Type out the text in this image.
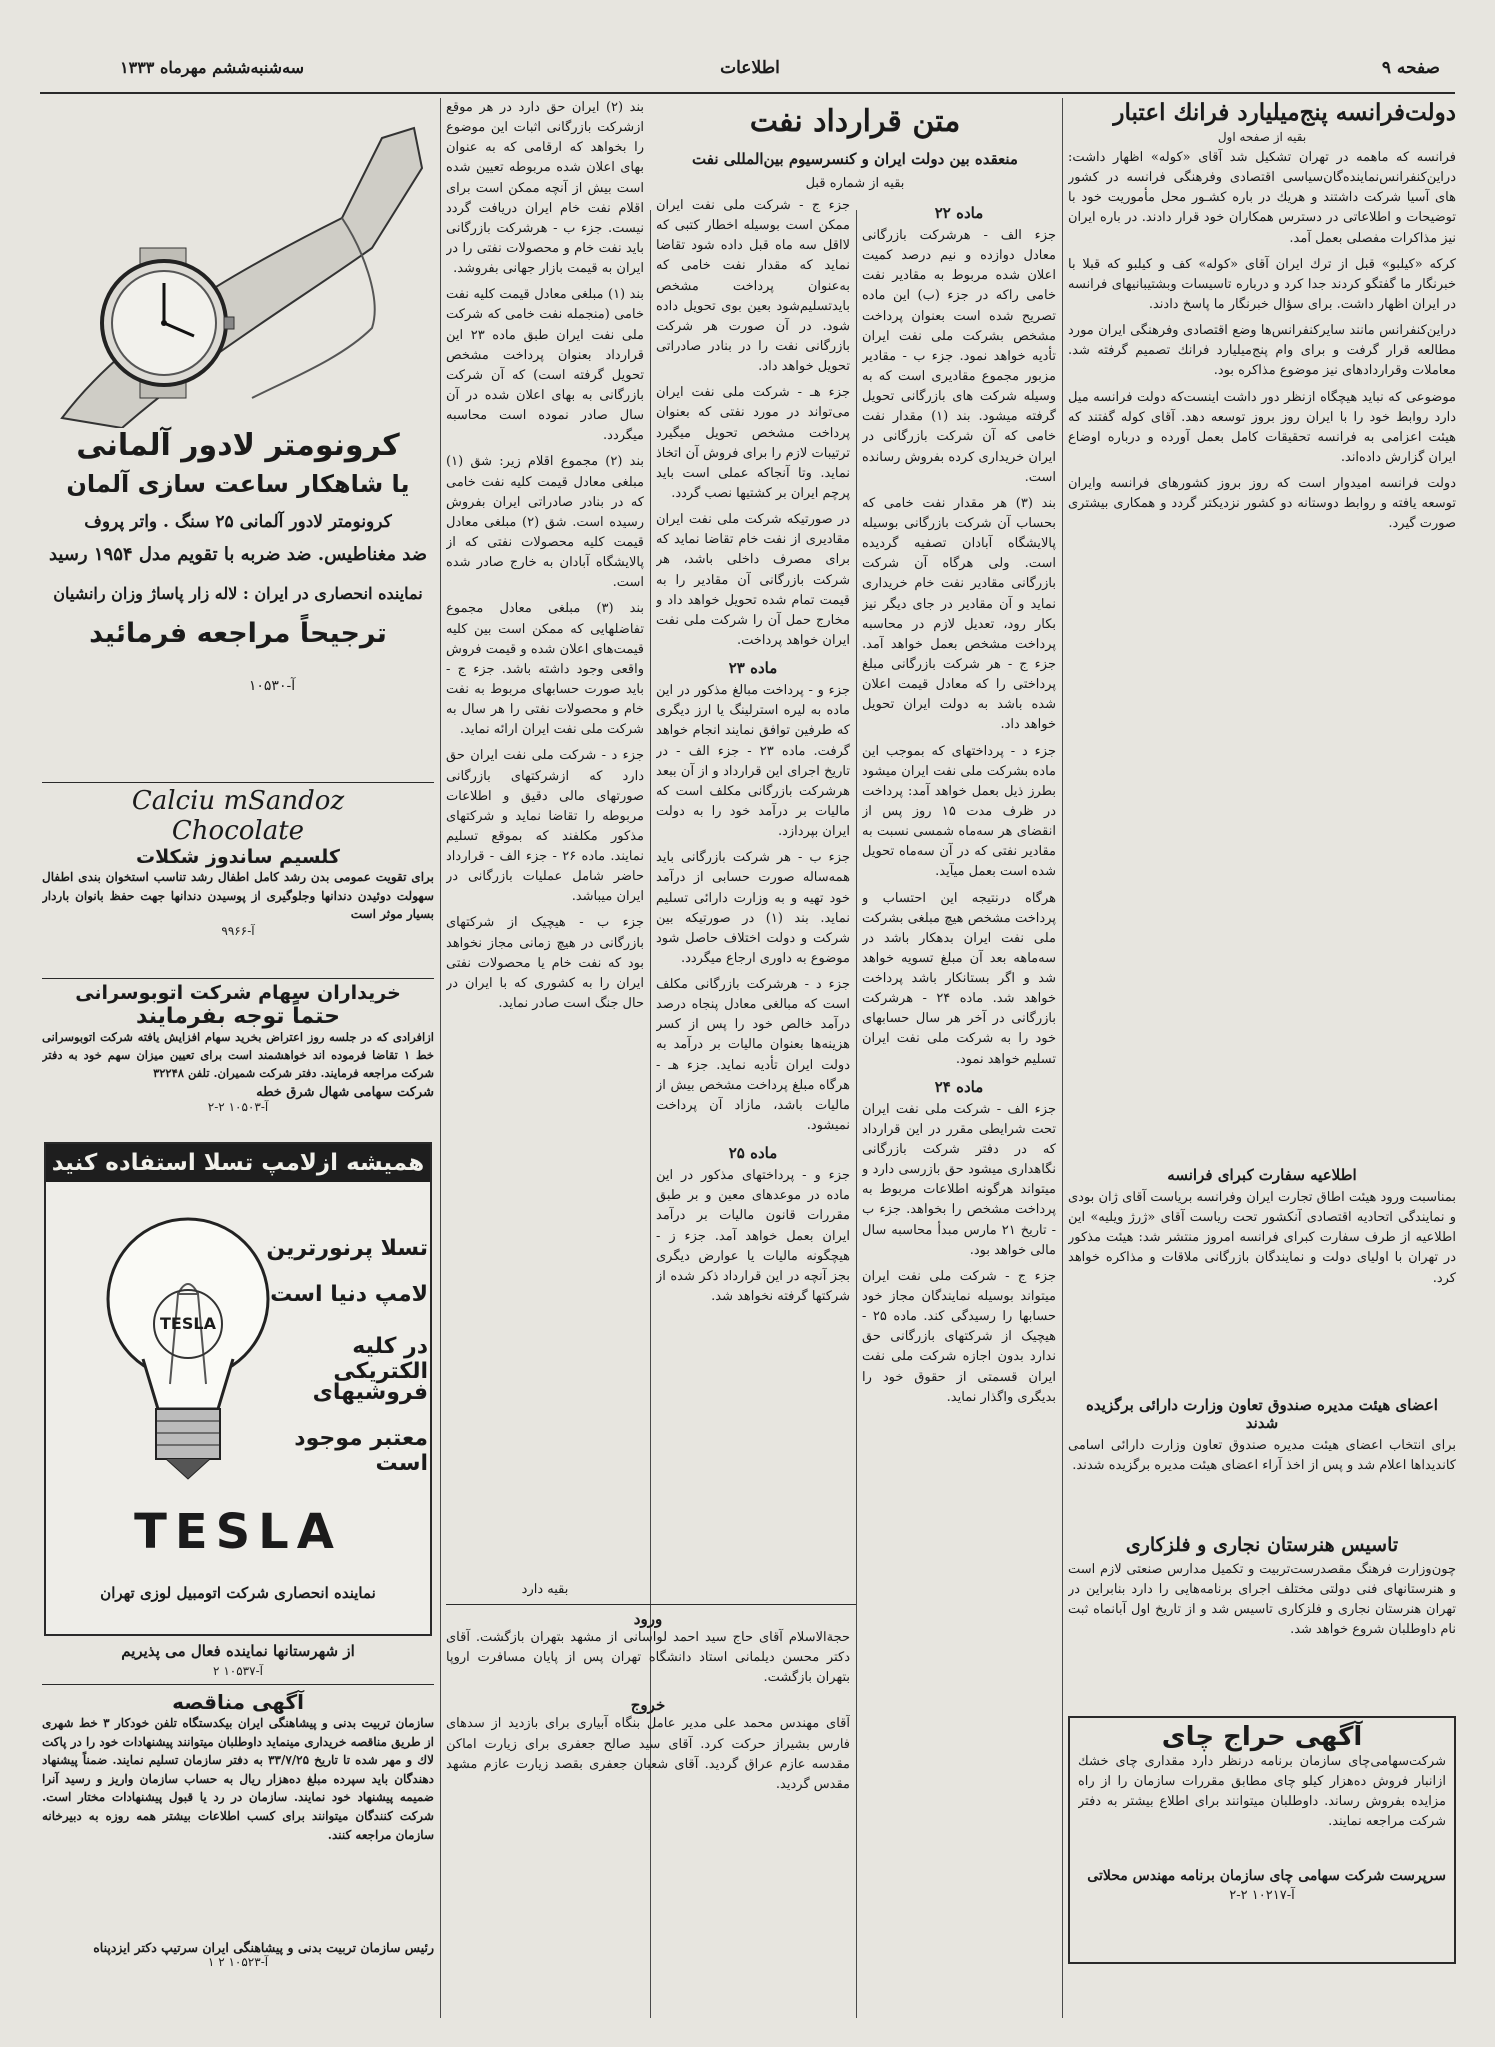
صفحه ۹
اطلاعات
سه‌شنبه‌ششم مهرماه ۱۳۳۳
دولت‌فرانسه پنج‌میلیارد فرانك اعتبار
بقیه از صفحه اول

فرانسه که ماهمه در تهران تشکیل شد آقای «کوله» اظهار داشت: دراین‌کنفرانس‌نماینده‌گان‌سیاسی اقتصادی وفرهنگی فرانسه در کشور های آسیا شرکت داشتند و هریك در باره کشـور محل مأموریت خود با توضیحات و اطلاعاتی در دسترس همکاران خود قرار دادند. در باره ایران نیز مذاکرات مفصلی بعمل آمد.

کرکه «کیلبو» قبل از ترك ایران آقای «کوله» کف و کیلبو که قبلا با خبرنگار ما گفتگو کردند جدا کرد و درباره تاسیسات وبشتیبانیهای فرانسه در ایران اظهار داشت. برای سؤال خبرنگار ما پاسخ دادند.

دراین‌کنفرانس مانند سایرکنفرانس‌ها وضع اقتصادی وفرهنگی ایران مورد مطالعه قرار گرفت و برای وام پنج‌میلیارد فرانك تصمیم گرفته شد. معاملات وقراردادهای نیز موضوع مذاکره بود.

موضوعی که نباید هیچگاه ازنظر دور داشت اینست‌که دولت فرانسه میل دارد روابط خود را با ایران روز بروز توسعه دهد. آقای کوله گفتند که هیئت اعزامی به فرانسه تحقیقات کامل بعمل آورده و درباره اوضاع ایران گزارش داده‌اند.

دولت فرانسه امیدوار است که روز بروز کشورهای فرانسه وایران توسعه یافته و روابط دوستانه دو کشور نزدیکتر گردد و همکاری بیشتری صورت گیرد.

اطلاعیه سفارت کبرای فرانسه
بمناسبت ورود هیئت اطاق تجارت ایران وفرانسه بریاست آقای ژان بودی و نمایندگی اتحادیه اقتصادی آنکشور تحت ریاست آقای «ژرژ ویلیه» این اطلاعیه از طرف سفارت کبرای فرانسه امروز منتشر شد: هیئت مذکور در تهران با اولیای دولت و نمایندگان بازرگانی ملاقات و مذاکره خواهد کرد.
اعضای هیئت مدیره صندوق تعاون وزارت دارائی برگزیده شدند
برای انتخاب اعضای هیئت مدیره صندوق تعاون وزارت دارائی اسامی کاندیداها اعلام شد و پس از اخذ آراء اعضای هیئت مدیره برگزیده شدند.
تاسیس هنرستان نجاری و فلزکاری
چون‌وزارت فرهنگ مقصدرست‌تربیت و تکمیل مدارس صنعتی لازم است و هنرستانهای فنی دولتی مختلف اجرای برنامه‌هایی را دارد بنابراین در تهران هنرستان نجاری و فلزکاری تاسیس شد و از تاریخ اول آبانماه ثبت نام داوطلبان شروع خواهد شد.
آگهی حراج چای
شرکت‌سهامی‌چای سازمان برنامه درنظر دارد مقداری چای خشك ازانبار فروش ده‌هزار کیلو چای مطابق مقررات سازمان را از راه مزایده بفروش رساند. داوطلبان میتوانند برای اطلاع بیشتر به دفتر شرکت مراجعه نمایند.
سرپرست شرکت سهامی چای سازمان برنامه مهندس محلاتی
آ-۱۰۲۱۷ ۲-۲
متن قرارداد نفت
منعقده بین دولت ایران و کنسرسیوم بین‌المللی نفت
بقیه از شماره قبل
ماده ۲۲
جزء الف - هرشرکت بازرگانی معادل دوازده و نیم درصد کمیت اعلان شده مربوط به مقادیر نفت خامی راکه در جزء (ب) این ماده تصریح شده است بعنوان پرداخت مشخص بشرکت ملی نفت ایران تأدیه خواهد نمود. جزء ب - مقادیر مزبور مجموع مقادیری است که به وسیله شرکت های بازرگانی تحویل گرفته میشود. بند (۱) مقدار نفت خامی که آن شرکت بازرگانی در ایران خریداری کرده بفروش رسانده است.
بند (۳) هر مقدار نفت خامی که بحساب آن شرکت بازرگانی بوسیله پالایشگاه آبادان تصفیه گردیده است. ولی هرگاه آن شرکت بازرگانی مقادیر نفت خام خریداری نماید و آن مقادیر در جای دیگر نیز بکار رود، تعدیل لازم در محاسبه پرداخت مشخص بعمل خواهد آمد. جزء ج - هر شرکت بازرگانی مبلغ پرداختی را که معادل قیمت اعلان شده باشد به دولت ایران تحویل خواهد داد.
جزء د - پرداختهای که بموجب این ماده بشرکت ملی نفت ایران میشود بطرز ذیل بعمل خواهد آمد: پرداخت در ظرف مدت ۱۵ روز پس از انقضای هر سه‌ماه شمسی نسبت به مقادیر نفتی که در آن سه‌ماه تحویل شده است بعمل میآید.
هرگاه درنتیجه این احتساب و پرداخت مشخص هیچ مبلغی بشرکت ملی نفت ایران بدهکار باشد در سه‌ماهه بعد آن مبلغ تسویه خواهد شد و اگر بستانکار باشد پرداخت خواهد شد. ماده ۲۴ - هرشرکت بازرگانی در آخر هر سال حسابهای خود را به شرکت ملی نفت ایران تسلیم خواهد نمود.
ماده ۲۴
جزء الف - شرکت ملی نفت ایران تحت شرایطی مقرر در این قرارداد که در دفتر شرکت بازرگانی نگاهداری میشود حق بازرسی دارد و میتواند هرگونه اطلاعات مربوط به پرداخت مشخص را بخواهد. جزء ب - تاریخ ۲۱ مارس مبدأ محاسبه سال مالی خواهد بود.
جزء ج - شرکت ملی نفت ایران میتواند بوسیله نمایندگان مجاز خود حسابها را رسیدگی کند. ماده ۲۵ - هیچیک از شرکتهای بازرگانی حق ندارد بدون اجازه شرکت ملی نفت ایران قسمتی از حقوق خود را بدیگری واگذار نماید.
جزء ج - شرکت ملی نفت ایران ممکن است بوسیله اخطار کتبی که لااقل سه ماه قبل داده شود تقاضا نماید که مقدار نفت خامی که به‌عنوان پرداخت مشخص بایدتسلیم‌شود بعین بوی تحویل داده شود. در آن صورت هر شرکت بازرگانی نفت را در بنادر صادراتی تحویل خواهد داد.
جزء هـ - شرکت ملی نفت ایران می‌تواند در مورد نفتی که بعنوان پرداخت مشخص تحویل میگیرد ترتیبات لازم را برای فروش آن اتخاذ نماید. وتا آنجاکه عملی است باید پرچم ایران بر کشتیها نصب گردد.
در صورتیکه شرکت ملی نفت ایران مقادیری از نفت خام تقاضا نماید که برای مصرف داخلی باشد، هر شرکت بازرگانی آن مقادیر را به قیمت تمام شده تحویل خواهد داد و مخارج حمل آن را شرکت ملی نفت ایران خواهد پرداخت.
ماده ۲۳
جزء و - پرداخت مبالغ مذکور در این ماده به لیره استرلینگ یا ارز دیگری که طرفین توافق نمایند انجام خواهد گرفت. ماده ۲۳ - جزء الف - در تاریخ اجرای این قرارداد و از آن ببعد هرشرکت بازرگانی مکلف است که مالیات بر درآمد خود را به دولت ایران بپردازد.
جزء ب - هر شرکت بازرگانی باید همه‌ساله صورت حسابی از درآمد خود تهیه و به وزارت دارائی تسلیم نماید. بند (۱) در صورتیکه بین شرکت و دولت اختلاف حاصل شود موضوع به داوری ارجاع میگردد.
جزء د - هرشرکت بازرگانی مکلف است که مبالغی معادل پنجاه درصد درآمد خالص خود را پس از کسر هزینه‌ها بعنوان مالیات بر درآمد به دولت ایران تأدیه نماید. جزء هـ - هرگاه مبلغ پرداخت مشخص بیش از مالیات باشد، مازاد آن پرداخت نمیشود.
ماده ۲۵
جزء و - پرداختهای مذکور در این ماده در موعدهای معین و بر طبق مقررات قانون مالیات بر درآمد ایران بعمل خواهد آمد. جزء ز - هیچگونه مالیات یا عوارض دیگری بجز آنچه در این قرارداد ذکر شده از شرکتها گرفته نخواهد شد.
بند (۲) ایران حق دارد در هر موقع ازشرکت بازرگانی اثبات این موضوع را بخواهد که ارقامی که به عنوان بهای اعلان شده مربوطه تعیین شده است بیش از آنچه ممکن است برای اقلام نفت خام ایران دریافت گردد نیست. جزء ب - هرشرکت بازرگانی باید نفت خام و محصولات نفتی را در ایران به قیمت بازار جهانی بفروشد.
بند (۱) مبلغی معادل قیمت کلیه نفت خامی (منجمله نفت خامی که شرکت ملی نفت ایران طبق ماده ۲۳ این قرارداد بعنوان پرداخت مشخص تحویل گرفته است) که آن شرکت بازرگانی به بهای اعلان شده در آن سال صادر نموده است محاسبه میگردد.
بند (۲) مجموع اقلام زیر: شق (۱) مبلغی معادل قیمت کلیه نفت خامی که در بنادر صادراتی ایران بفروش رسیده است. شق (۲) مبلغی معادل قیمت کلیه محصولات نفتی که از پالایشگاه آبادان به خارج صادر شده است.
بند (۳) مبلغی معادل مجموع تفاضلهایی که ممکن است بین کلیه قیمت‌های اعلان شده و قیمت فروش واقعی وجود داشته باشد. جزء ج - باید صورت حسابهای مربوط به نفت خام و محصولات نفتی را هر سال به شرکت ملی نفت ایران ارائه نماید.
جزء د - شرکت ملی نفت ایران حق دارد که ازشرکتهای بازرگانی صورتهای مالی دقیق و اطلاعات مربوطه را تقاضا نماید و شرکتهای مذکور مکلفند که بموقع تسلیم نمایند. ماده ۲۶ - جزء الف - قرارداد حاضر شامل عملیات بازرگانی در ایران میباشد.
جزء ب - هیچیک از شرکتهای بازرگانی در هیچ زمانی مجاز نخواهد بود که نفت خام یا محصولات نفتی ایران را به کشوری که با ایران در حال جنگ است صادر نماید.
بقیه دارد
ورود
حجة‌الاسلام آقای حاج سید احمد لواسانی از مشهد بتهران بازگشت. آقای دکتر محسن دیلمانی استاد دانشگاه تهران پس از پایان مسافرت اروپا بتهران بازگشت.
خروج
آقای مهندس محمد علی مدیر عامل بنگاه آبیاری برای بازدید از سدهای فارس بشیراز حرکت کرد. آقای سید صالح جعفری برای زیارت اماکن مقدسه عازم عراق گردید. آقای شعبان جعفری بقصد زیارت عازم مشهد مقدس گردید.
کرونومتر لادور آلمانی
یا شاهکار ساعت سازی آلمان
کرونومتر لادور آلمانی ۲۵ سنگ . واتر پروف
ضد مغناطیس. ضد ضربه با تقویم مدل ۱۹۵۴ رسید
نماینده انحصاری در ایران : لاله زار پاساژ وزان رانشیان
ترجیحاً مراجعه فرمائید
آ-۱۰۵۳۰
Calciu mSandoz
Chocolate
کلسیم ساندوز شکلات
برای تقویت عمومی بدن رشد کامل اطفال رشد تناسب استخوان بندی اطفال سهولت دوئیدن دندانها وجلوگیری از پوسیدن دندانها جهت حفظ بانوان باردار بسیار موثر است
آ-۹۹۶۶
خریداران سهام شرکت اتوبوسرانی
حتماً توجه بفرمایند
ازافرادی که در جلسه روز اعتراض بخرید سهام افزایش یافته شرکت اتوبوسرانی خط ۱ تقاضا فرموده اند خواهشمند است برای تعیین میزان سهم خود به دفتر شرکت مراجعه فرمایند. دفتر شرکت شمیران. تلفن ۳۲۲۴۸
شرکت سهامی شهال شرق خطه
آ-۱۰۵۰۳ ۲-۲
همیشه ازلامپ تسلا استفاده کنید
TESLA
تسلا پرنورترین
لامپ دنیا است
در کلیه الکتریکی
فروشیهای
معتبر موجود است
TESLA
نماینده انحصاری شرکت اتومبیل لوزی تهران
از شهرستانها نماینده فعال می پذیریم
آ-۱۰۵۳۷ ۲
آگهی مناقصه
سازمان تربیت بدنی و پیشاهنگی ایران بیکدستگاه تلفن خودکار ۳ خط شهری از طریق مناقصه خریداری مینماید داوطلبان میتوانند پیشنهادات خود را در پاکت لاك و مهر شده تا تاریخ ۳۳/۷/۲۵ به دفتر سازمان تسلیم نمایند. ضمناً پیشنهاد دهندگان باید سپرده مبلغ ده‌هزار ریال به حساب سازمان واریز و رسید آنرا ضمیمه پیشنهاد خود نمایند. سازمان در رد یا قبول پیشنهادات مختار است. شرکت کنندگان میتوانند برای کسب اطلاعات بیشتر همه روزه به دبیرخانه سازمان مراجعه کنند.
رئیس سازمان تربیت بدنی و پیشاهنگی ایران سرتیپ دکتر ایزدپناه
آ-۱۰۵۲۳ ۲ ۱
